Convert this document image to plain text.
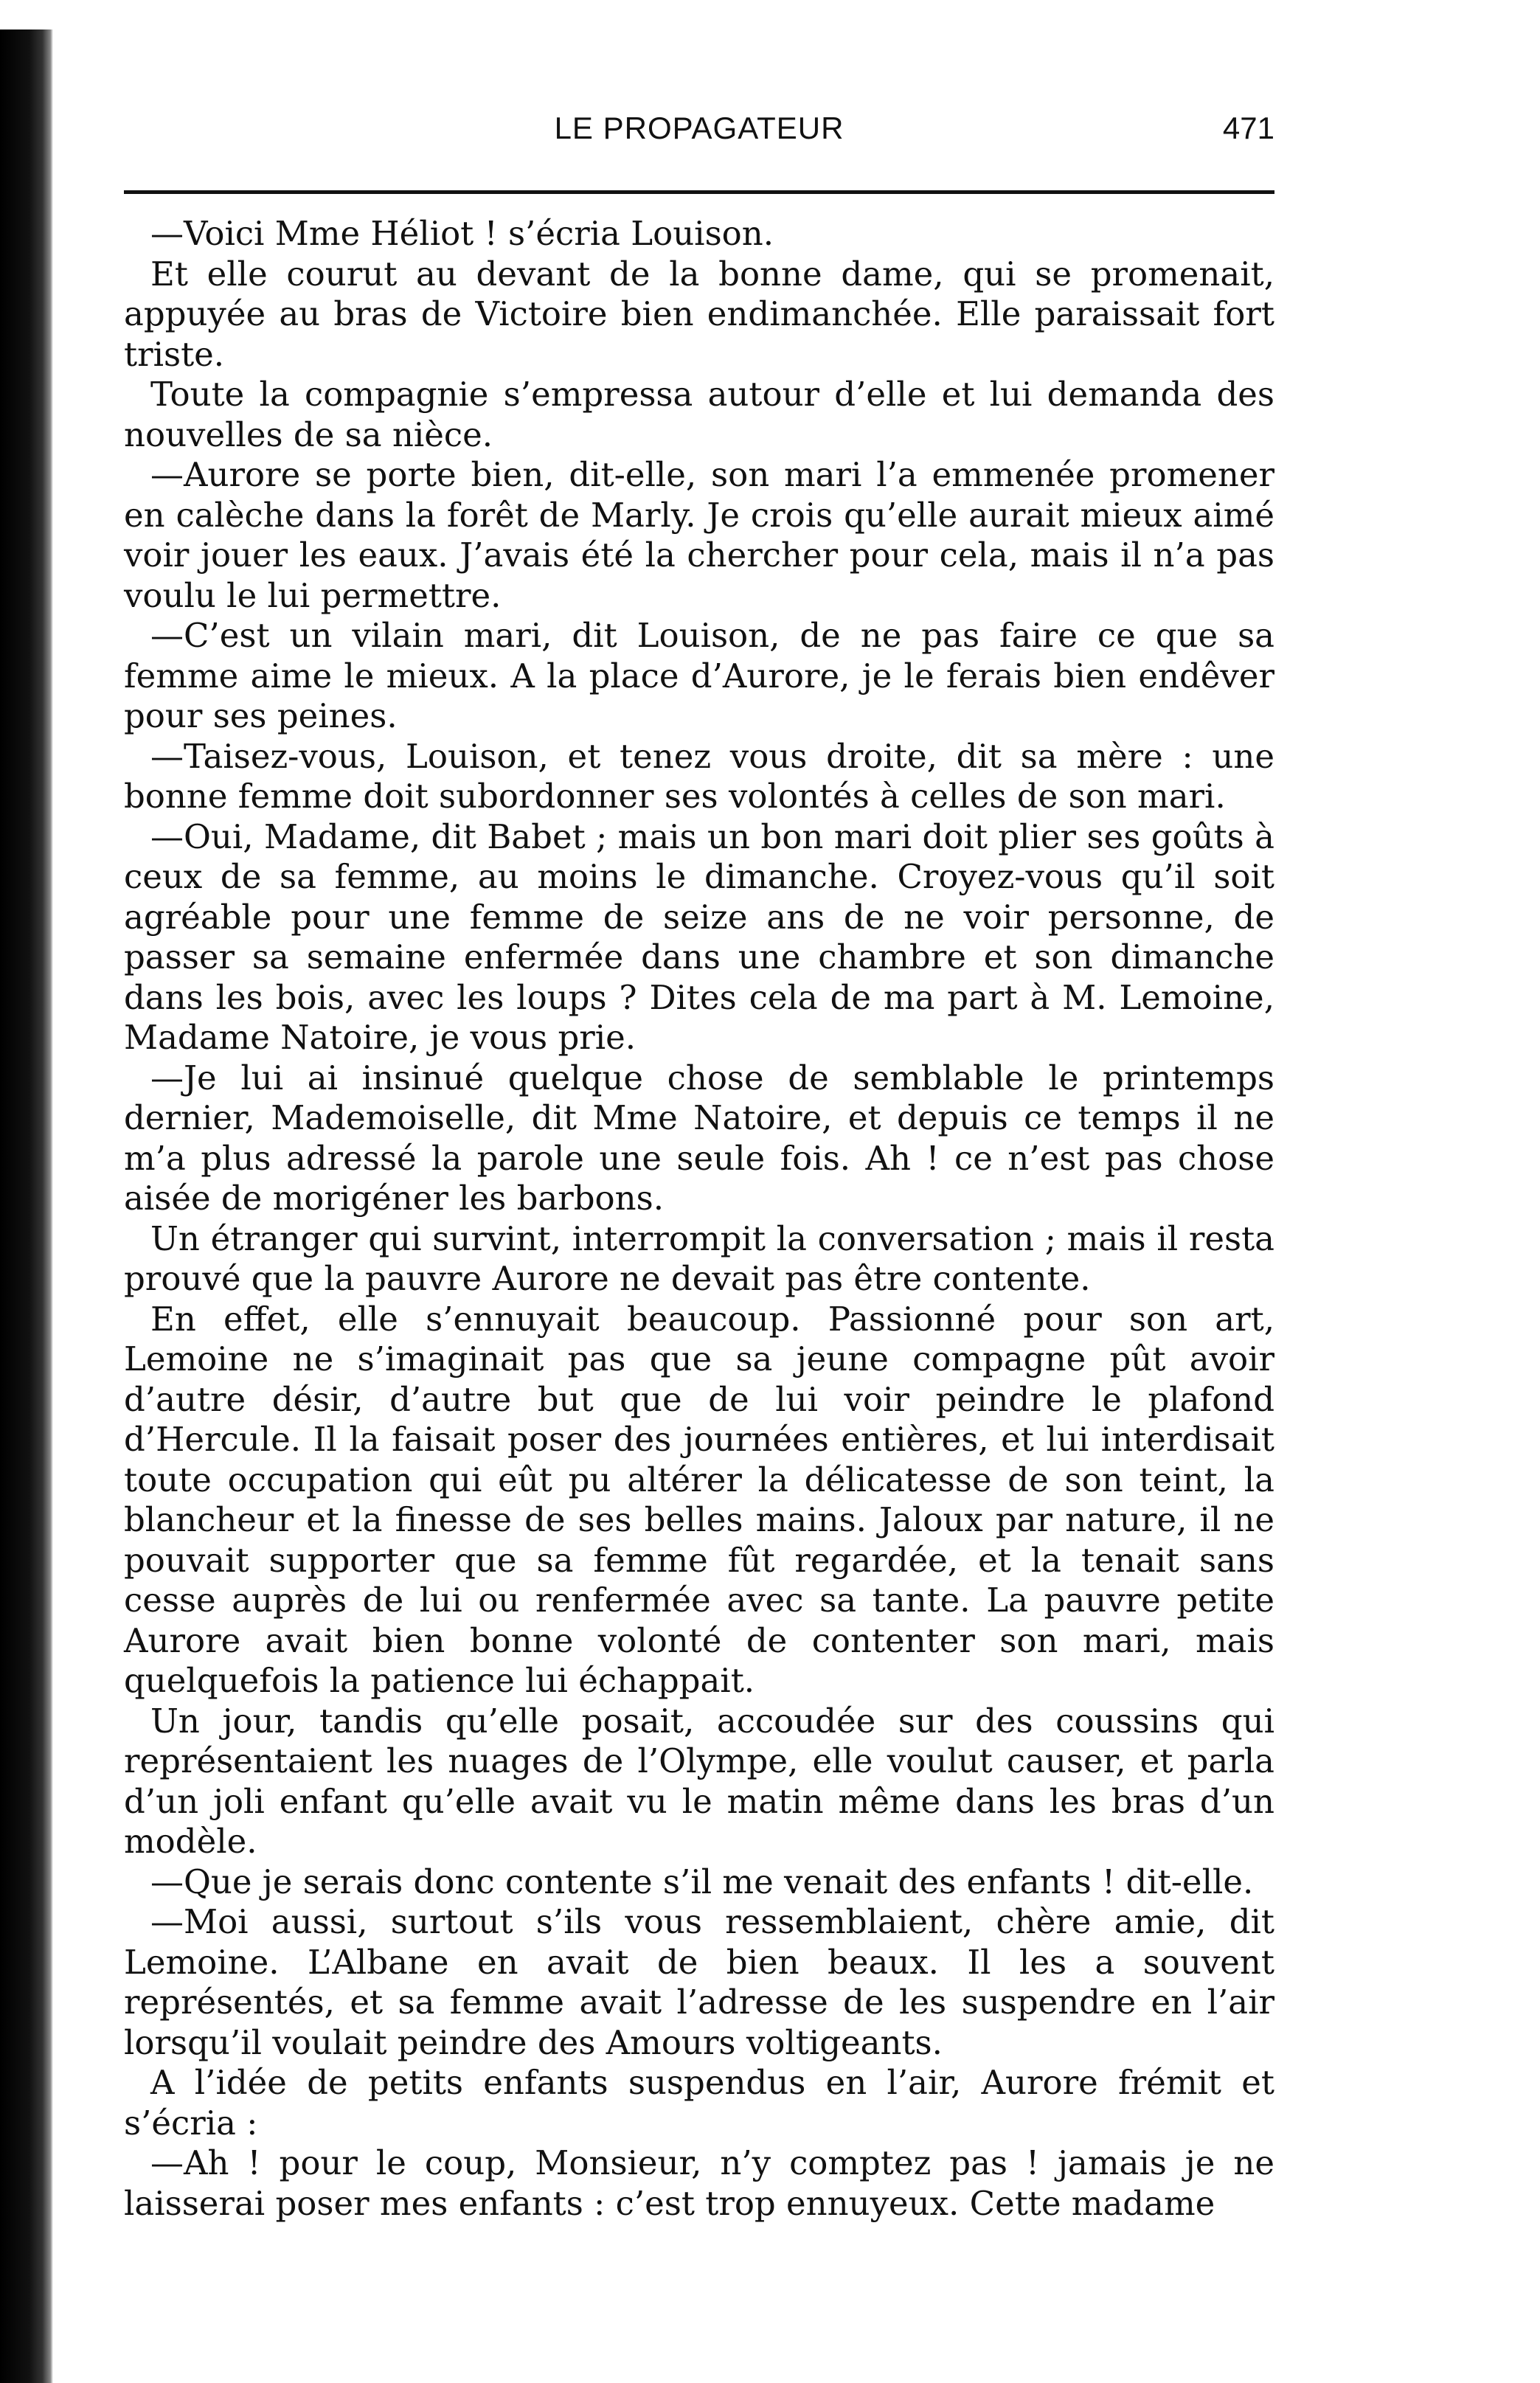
LE PROPAGATEUR	471

—Voici Mme Héliot ! s’écria Louison.

Et elle courut au devant de la bonne dame, qui se promenait, appuyée au bras de Victoire bien endimanchée. Elle paraissait fort triste.

Toute la compagnie s’empressa autour d’elle et lui demanda des nouvelles de sa nièce.

—Aurore se porte bien, dit-elle, son mari l’a emmenée promener en calèche dans la forêt de Marly. Je crois qu’elle aurait mieux aimé voir jouer les eaux. J’avais été la chercher pour cela, mais il n’a pas voulu le lui permettre.

—C’est un vilain mari, dit Louison, de ne pas faire ce que sa femme aime le mieux. A la place d’Aurore, je le ferais bien endêver pour ses peines.

—Taisez-vous, Louison, et tenez vous droite, dit sa mère : une bonne femme doit subordonner ses volontés à celles de son mari.

—Oui, Madame, dit Babet ; mais un bon mari doit plier ses goûts à ceux de sa femme, au moins le dimanche. Croyez-vous qu’il soit agréable pour une femme de seize ans de ne voir personne, de passer sa semaine enfermée dans une chambre et son dimanche dans les bois, avec les loups ? Dites cela de ma part à M. Lemoine, Madame Natoire, je vous prie.

—Je lui ai insinué quelque chose de semblable le printemps dernier, Mademoiselle, dit Mme Natoire, et depuis ce temps il ne m’a plus adressé la parole une seule fois. Ah ! ce n’est pas chose aisée de morigéner les barbons.

Un étranger qui survint, interrompit la conversation ; mais il resta prouvé que la pauvre Aurore ne devait pas être contente.

En effet, elle s’ennuyait beaucoup. Passionné pour son art, Lemoine ne s’imaginait pas que sa jeune compagne pût avoir d’autre désir, d’autre but que de lui voir peindre le plafond d’Hercule. Il la faisait poser des journées entières, et lui interdisait toute occupation qui eût pu altérer la délicatesse de son teint, la blancheur et la finesse de ses belles mains. Jaloux par nature, il ne pouvait supporter que sa femme fût regardée, et la tenait sans cesse auprès de lui ou renfermée avec sa tante. La pauvre petite Aurore avait bien bonne volonté de contenter son mari, mais quelquefois la patience lui échappait.

Un jour, tandis qu’elle posait, accoudée sur des coussins qui représentaient les nuages de l’Olympe, elle voulut causer, et parla d’un joli enfant qu’elle avait vu le matin même dans les bras d’un modèle.

—Que je serais donc contente s’il me venait des enfants ! dit-elle.

—Moi aussi, surtout s’ils vous ressemblaient, chère amie, dit Lemoine. L’Albane en avait de bien beaux. Il les a souvent représentés, et sa femme avait l’adresse de les suspendre en l’air lorsqu’il voulait peindre des Amours voltigeants.

A l’idée de petits enfants suspendus en l’air, Aurore frémit et s’écria :

—Ah ! pour le coup, Monsieur, n’y comptez pas ! jamais je ne laisserai poser mes enfants : c’est trop ennuyeux. Cette madame
